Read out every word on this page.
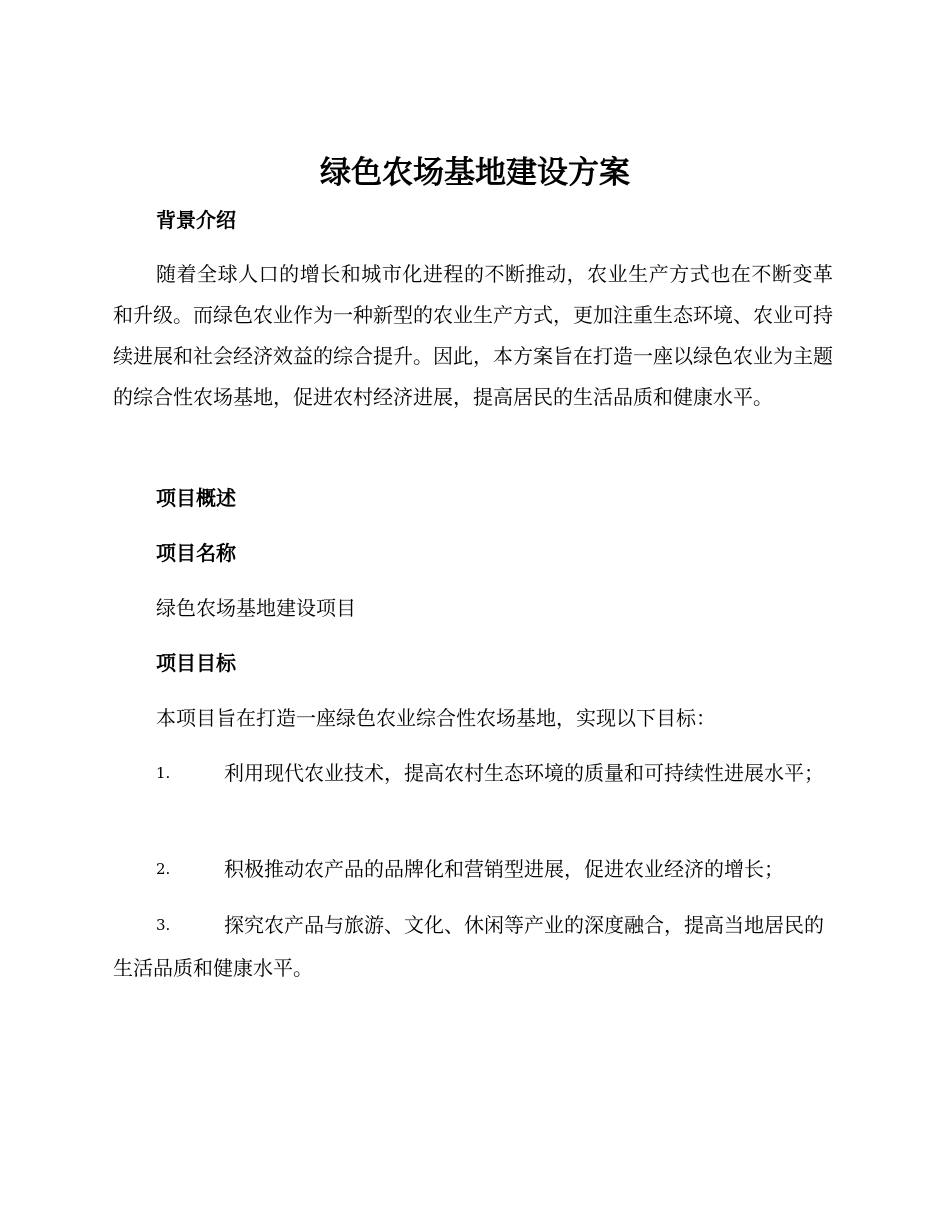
绿色农场基地建设方案
背景介绍

随着全球人口的增长和城市化进程的不断推动，农业生产方式也在不断变革和升级。而绿色农业作为一种新型的农业生产方式，更加注重生态环境、农业可持续进展和社会经济效益的综合提升。因此，本方案旨在打造一座以绿色农业为主题的综合性农场基地，促进农村经济进展，提高居民的生活品质和健康水平。

项目概述
项目名称

绿色农场基地建设项目

项目目标

本项目旨在打造一座绿色农业综合性农场基地，实现以下目标：

1.	利用现代农业技术，提高农村生态环境的质量和可持续性进展水平；

2.	积极推动农产品的品牌化和营销型进展，促进农业经济的增长；

3.	探究农产品与旅游、文化、休闲等产业的深度融合，提高当地居民的生活品质和健康水平。
